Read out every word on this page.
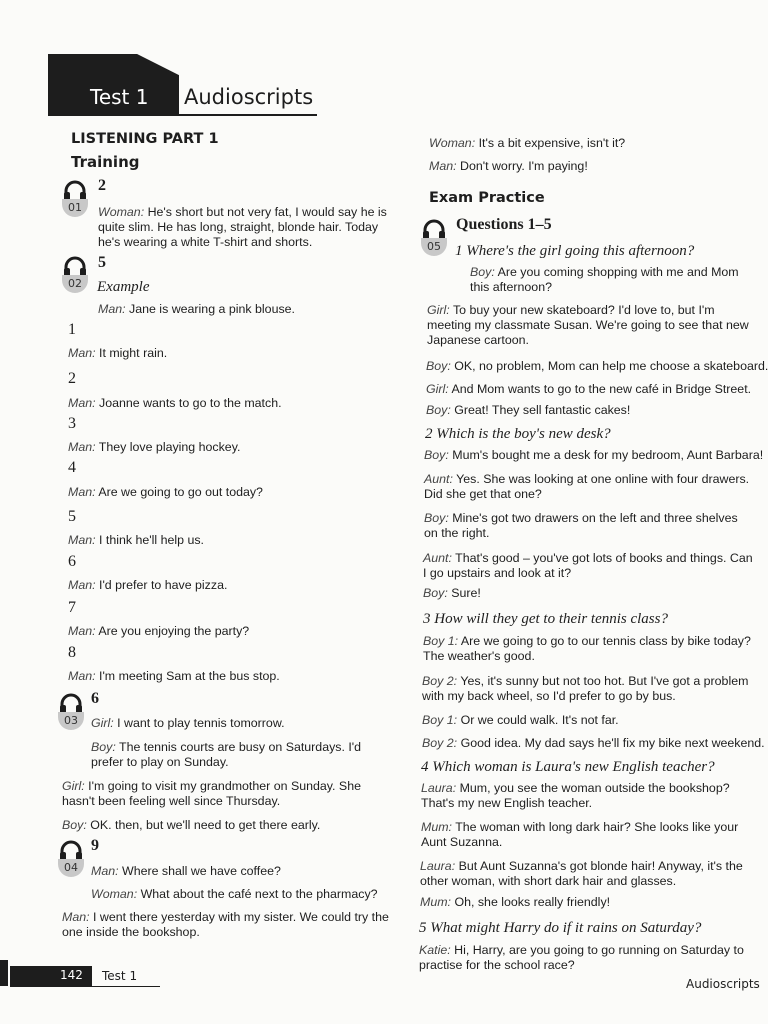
Test 1 Audioscripts
LISTENING PART 1
Training
01
2
Woman: He's short but not very fat, I would say he is
quite slim. He has long, straight, blonde hair. Today
he's wearing a white T-shirt and shorts.
02
5
Example
Man: Jane is wearing a pink blouse.
1
Man: It might rain.
2
Man: Joanne wants to go to the match.
3
Man: They love playing hockey.
4
Man: Are we going to go out today?
5
Man: I think he'll help us.
6
Man: I'd prefer to have pizza.
7
Man: Are you enjoying the party?
8
Man: I'm meeting Sam at the bus stop.
03
6
Girl: I want to play tennis tomorrow.
Boy: The tennis courts are busy on Saturdays. I'd
prefer to play on Sunday.
Girl: I'm going to visit my grandmother on Sunday. She
hasn't been feeling well since Thursday.
Boy: OK. then, but we'll need to get there early.
04
9
Man: Where shall we have coffee?
Woman: What about the café next to the pharmacy?
Man: I went there yesterday with my sister. We could try the
one inside the bookshop.
Woman: It's a bit expensive, isn't it?
Man: Don't worry. I'm paying!
Exam Practice
05
Questions 1–5
1 Where's the girl going this afternoon?
Boy: Are you coming shopping with me and Mom
this afternoon?
Girl: To buy your new skateboard? I'd love to, but I'm
meeting my classmate Susan. We're going to see that new
Japanese cartoon.
Boy: OK, no problem, Mom can help me choose a skateboard.
Girl: And Mom wants to go to the new café in Bridge Street.
Boy: Great! They sell fantastic cakes!
2 Which is the boy's new desk?
Boy: Mum's bought me a desk for my bedroom, Aunt Barbara!
Aunt: Yes. She was looking at one online with four drawers.
Did she get that one?
Boy: Mine's got two drawers on the left and three shelves
on the right.
Aunt: That's good – you've got lots of books and things. Can
I go upstairs and look at it?
Boy: Sure!
3 How will they get to their tennis class?
Boy 1: Are we going to go to our tennis class by bike today?
The weather's good.
Boy 2: Yes, it's sunny but not too hot. But I've got a problem
with my back wheel, so I'd prefer to go by bus.
Boy 1: Or we could walk. It's not far.
Boy 2: Good idea. My dad says he'll fix my bike next weekend.
4 Which woman is Laura's new English teacher?
Laura: Mum, you see the woman outside the bookshop?
That's my new English teacher.
Mum: The woman with long dark hair? She looks like your
Aunt Suzanna.
Laura: But Aunt Suzanna's got blonde hair! Anyway, it's the
other woman, with short dark hair and glasses.
Mum: Oh, she looks really friendly!
5 What might Harry do if it rains on Saturday?
Katie: Hi, Harry, are you going to go running on Saturday to
practise for the school race?
142 Test 1
Audioscripts
